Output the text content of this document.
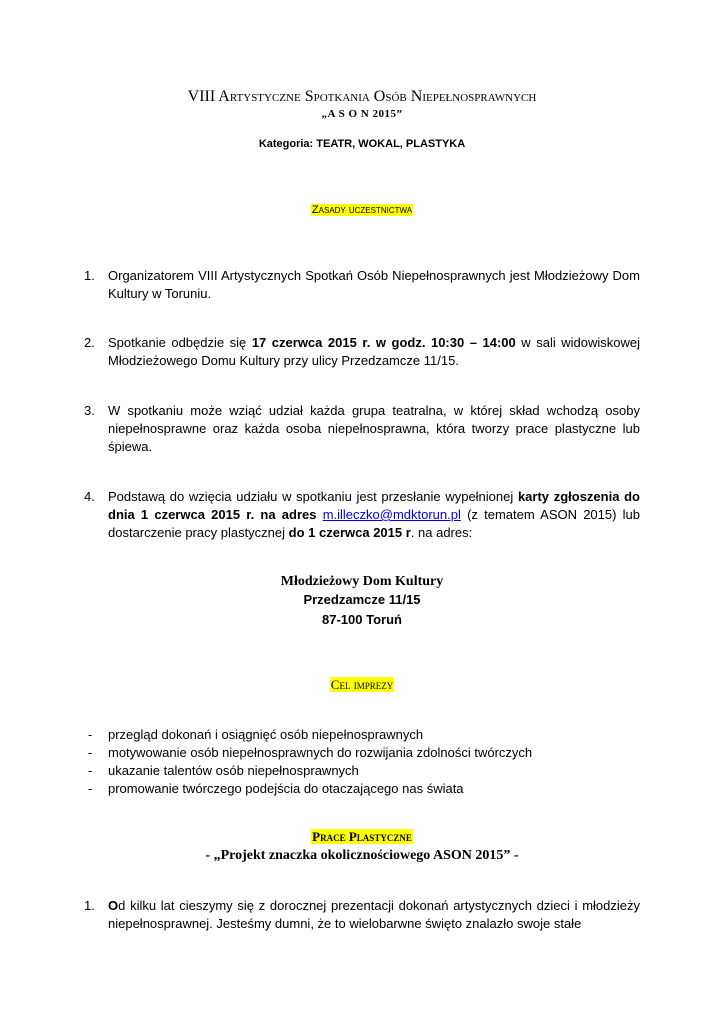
VIII Artystyczne Spotkania Osób Niepełnosprawnych
„A S O N 2015”
Kategoria: TEATR, WOKAL, PLASTYKA
Zasady uczestnictwa
1.	Organizatorem VIII Artystycznych Spotkań Osób Niepełnosprawnych jest Młodzieżowy Dom Kultury w Toruniu.
2.	Spotkanie odbędzie się 17 czerwca 2015 r. w godz. 10:30 – 14:00 w sali widowiskowej Młodzieżowego Domu Kultury przy ulicy Przedzamcze 11/15.
3.	W spotkaniu może wziąć udział każda grupa teatralna, w której skład wchodzą osoby niepełnosprawne oraz każda osoba niepełnosprawna, która tworzy prace plastyczne lub śpiewa.
4.	Podstawą do wzięcia udziału w spotkaniu jest przesłanie wypełnionej karty zgłoszenia do dnia 1 czerwca 2015 r. na adres m.illeczko@mdktorun.pl (z tematem ASON 2015) lub dostarczenie pracy plastycznej do 1 czerwca 2015 r. na adres:
Młodzieżowy Dom Kultury
Przedzamcze 11/15
87-100 Toruń
Cel imprezy
- przegląd dokonań i osiągnięć osób niepełnosprawnych
- motywowanie osób niepełnosprawnych do rozwijania zdolności twórczych
- ukazanie talentów osób niepełnosprawnych
- promowanie twórczego podejścia do otaczającego nas świata
Prace Plastyczne
- „Projekt znaczka okolicznościowego ASON 2015” -
1.	Od kilku lat cieszymy się z dorocznej prezentacji dokonań artystycznych dzieci i młodzieży niepełnosprawnej. Jesteśmy dumni, że to wielobarwne święto znalazło swoje stałe
